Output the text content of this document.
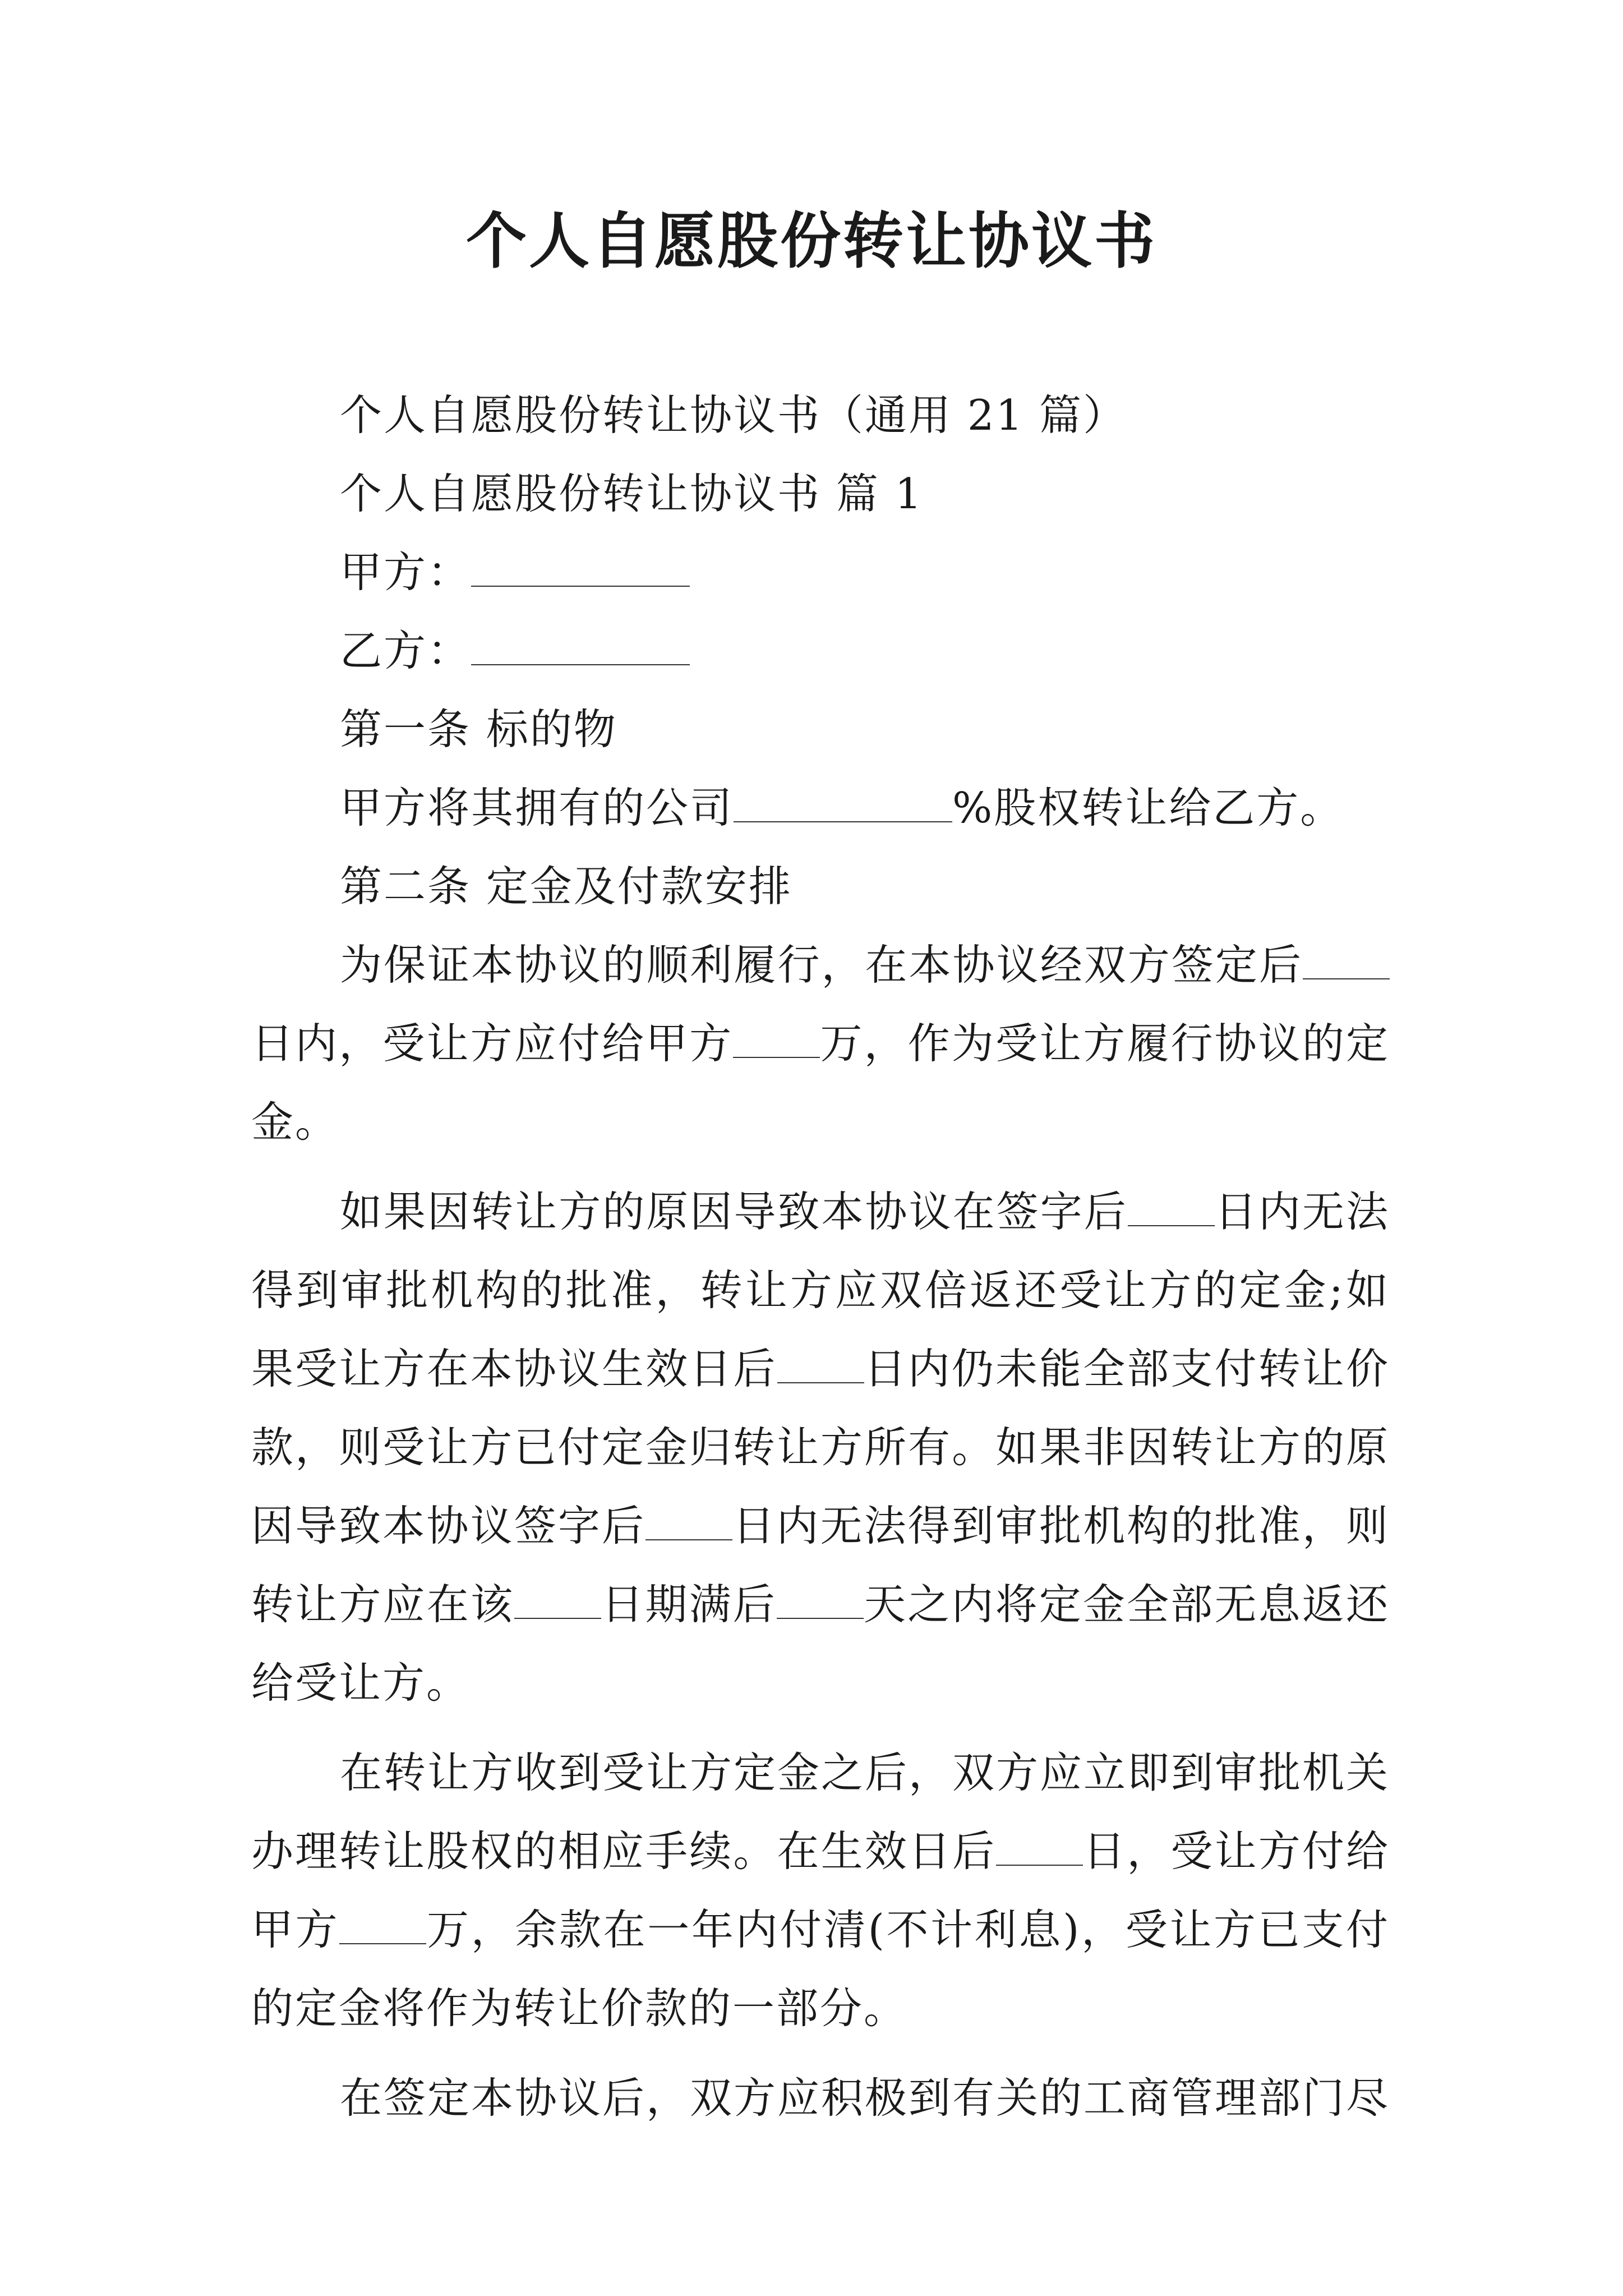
个人自愿股份转让协议书

个人自愿股份转让协议书（通用 21 篇）

个人自愿股份转让协议书 篇 1

甲方：

乙方：

第一条 标的物

甲方将其拥有的公司	%股权转让给乙方。

第二条 定金及付款安排

为保证本协议的顺利履行，在本协议经双方签定后日内，受让方应付给甲方 万，作为受让方履行协议的定金。

如果因转让方的原因导致本协议在签字后 日内无法得到审批机构的批准，转让方应双倍返还受让方的定金;如果受让方在本协议生效日后 日内仍未能全部支付转让价款，则受让方已付定金归转让方所有。如果非因转让方的原因导致本协议签字后 日内无法得到审批机构的批准，则转让方应在该 日期满后 天之内将定金全部无息返还给受让方。

在转让方收到受让方定金之后，双方应立即到审批机关办理转让股权的相应手续。在生效日后 日，受让方付给甲方 万，余款在一年内付清(不计利息)，受让方已支付的定金将作为转让价款的一部分。

在签定本协议后，双方应积极到有关的工商管理部门尽
